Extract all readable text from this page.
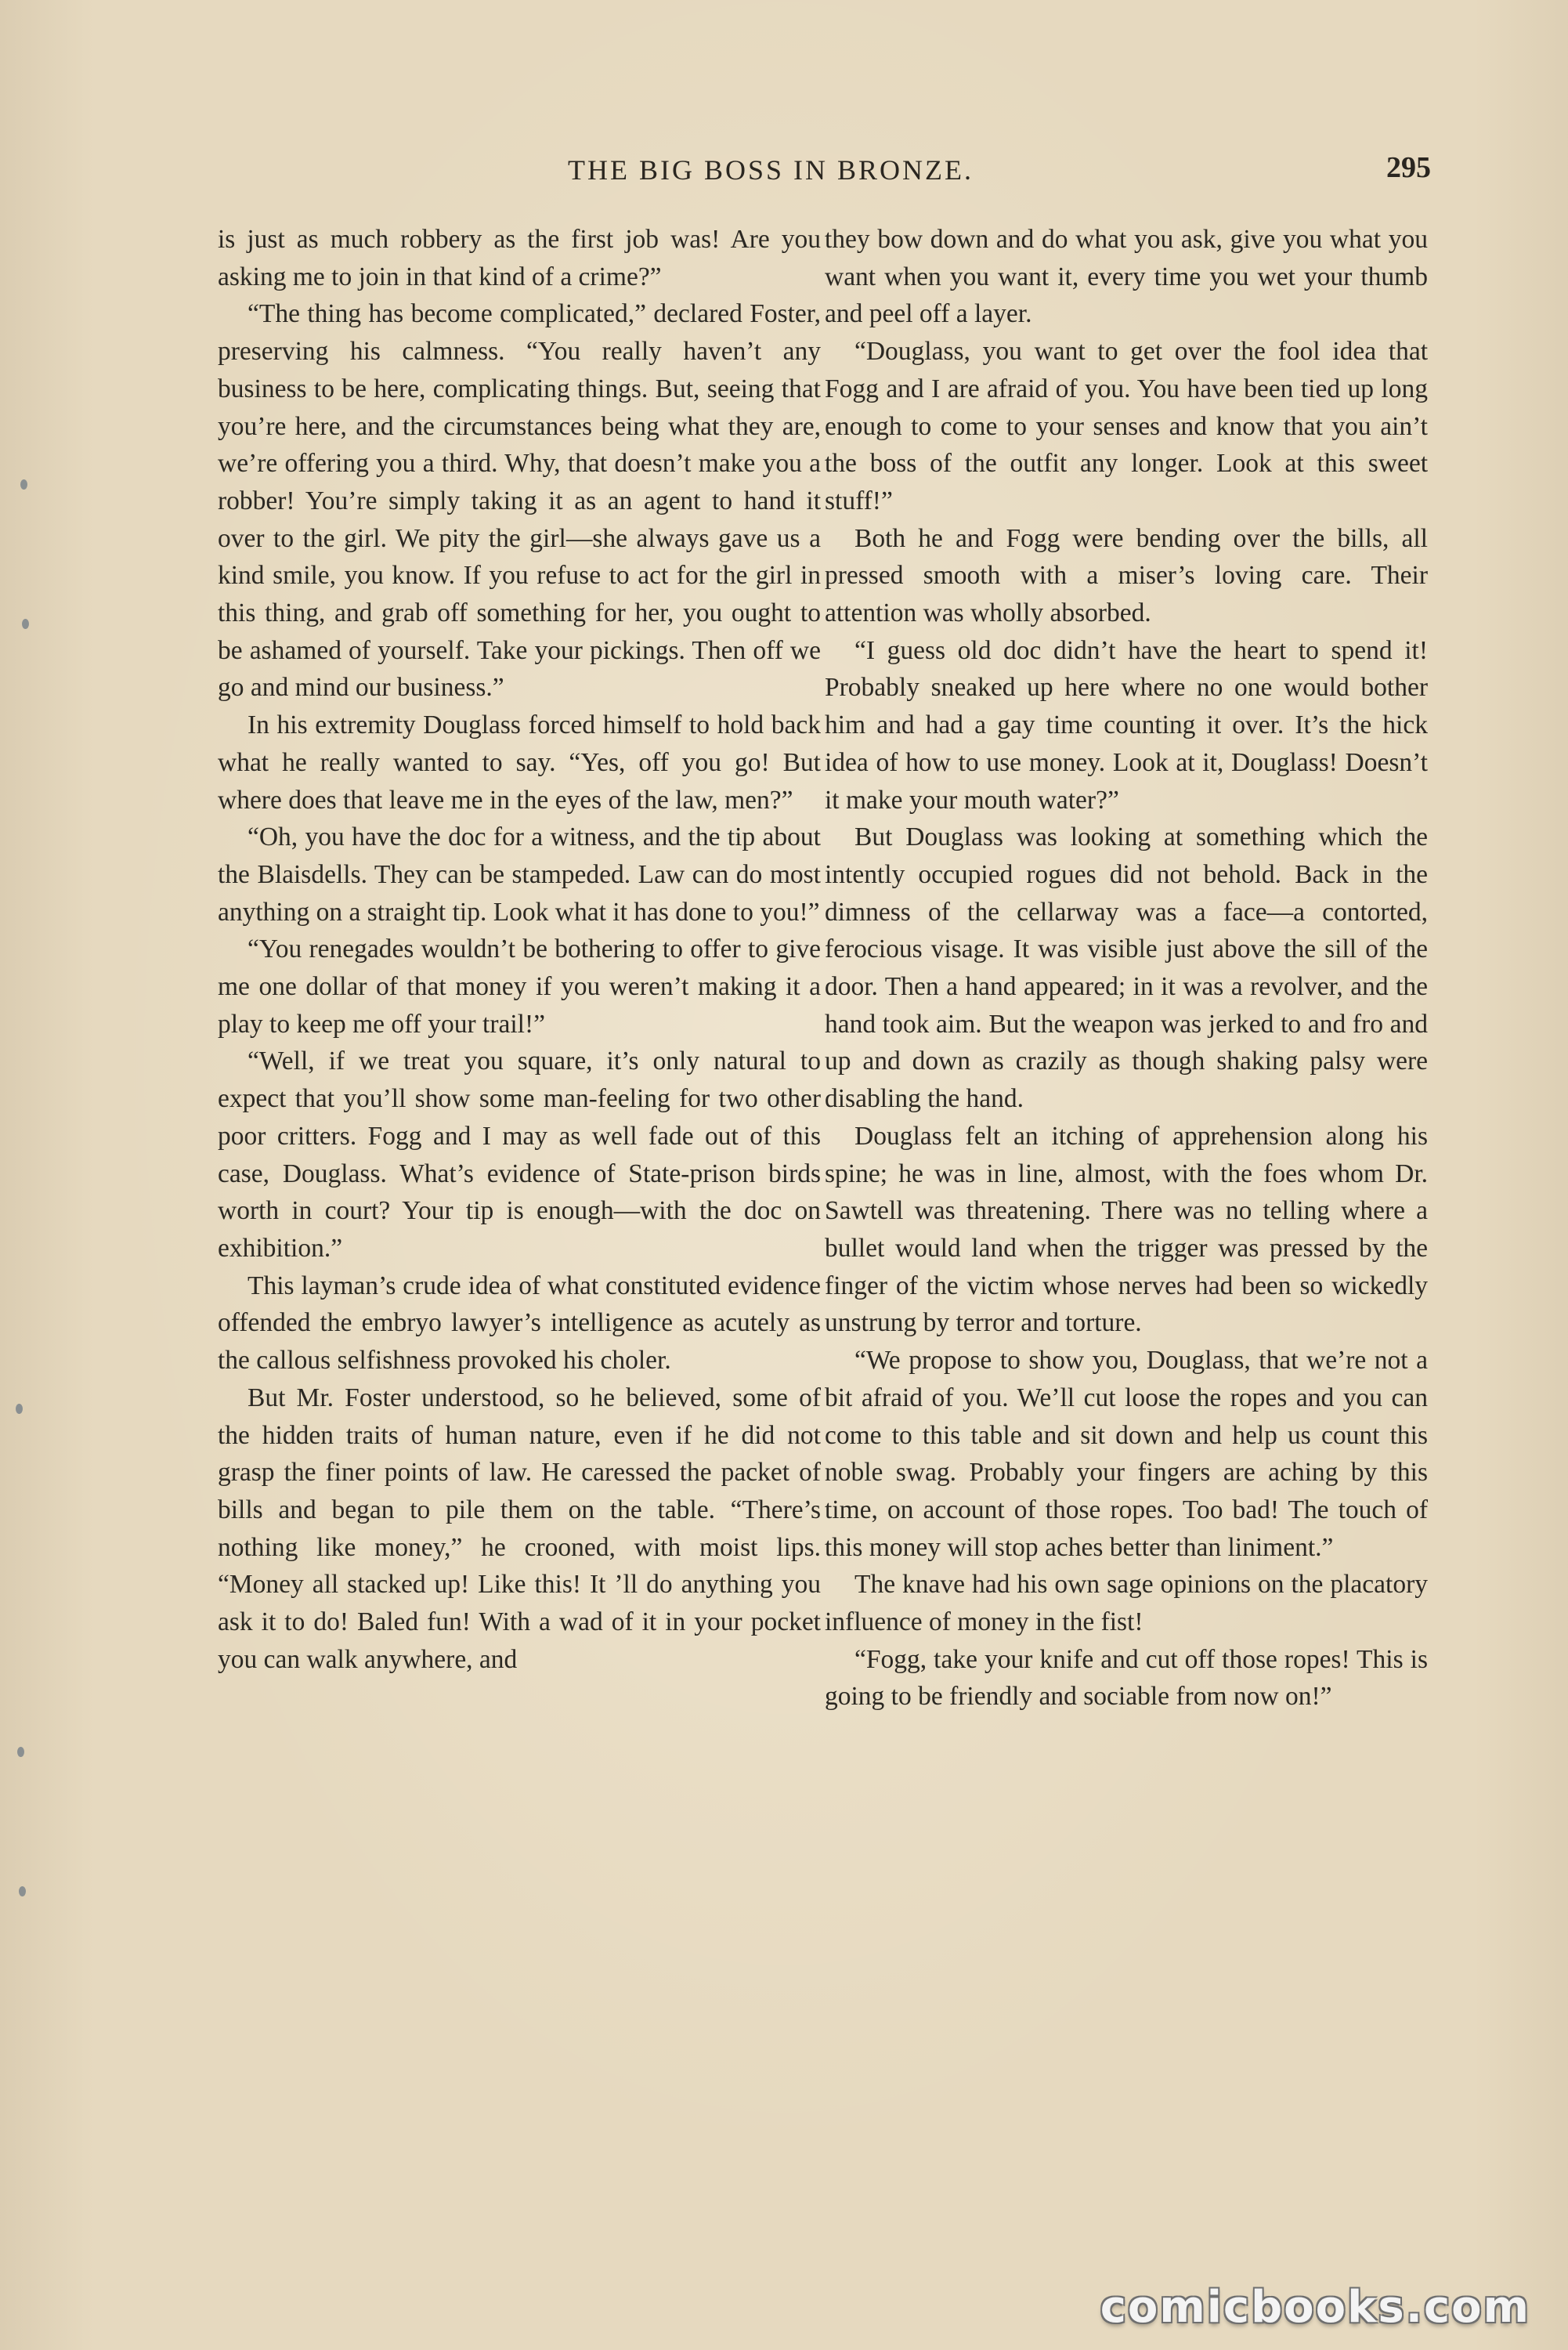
THE BIG BOSS IN BRONZE.	295

is just as much robbery as the first job was! Are you asking me to join in that kind of a crime?”

“The thing has become complicated,” declared Foster, preserving his calmness. “You really haven’t any business to be here, complicating things. But, seeing that you’re here, and the circumstances being what they are, we’re offering you a third. Why, that doesn’t make you a robber! You’re simply taking it as an agent to hand it over to the girl. We pity the girl—she always gave us a kind smile, you know. If you refuse to act for the girl in this thing, and grab off something for her, you ought to be ashamed of yourself. Take your pickings. Then off we go and mind our business.”

In his extremity Douglass forced himself to hold back what he really wanted to say. “Yes, off you go! But where does that leave me in the eyes of the law, men?”

“Oh, you have the doc for a witness, and the tip about the Blaisdells. They can be stampeded. Law can do most anything on a straight tip. Look what it has done to you!”

“You renegades wouldn’t be bothering to offer to give me one dollar of that money if you weren’t making it a play to keep me off your trail!”

“Well, if we treat you square, it’s only natural to expect that you’ll show some man-feeling for two other poor critters. Fogg and I may as well fade out of this case, Douglass. What’s evidence of State-prison birds worth in court? Your tip is enough—with the doc on exhibition.”

This layman’s crude idea of what constituted evidence offended the embryo lawyer’s intelligence as acutely as the callous selfishness provoked his choler.

But Mr. Foster understood, so he believed, some of the hidden traits of human nature, even if he did not grasp the finer points of law. He caressed the packet of bills and began to pile them on the table. “There’s nothing like money,” he crooned, with moist lips. “Money all stacked up! Like this! It ’ll do anything you ask it to do! Baled fun! With a wad of it in your pocket you can walk anywhere, and

they bow down and do what you ask, give you what you want when you want it, every time you wet your thumb and peel off a layer.

“Douglass, you want to get over the fool idea that Fogg and I are afraid of you. You have been tied up long enough to come to your senses and know that you ain’t the boss of the outfit any longer. Look at this sweet stuff!”

Both he and Fogg were bending over the bills, all pressed smooth with a miser’s loving care. Their attention was wholly absorbed.

“I guess old doc didn’t have the heart to spend it! Probably sneaked up here where no one would bother him and had a gay time counting it over. It’s the hick idea of how to use money. Look at it, Douglass! Doesn’t it make your mouth water?”

But Douglass was looking at something which the intently occupied rogues did not behold. Back in the dimness of the cellarway was a face—a contorted, ferocious visage. It was visible just above the sill of the door. Then a hand appeared; in it was a revolver, and the hand took aim. But the weapon was jerked to and fro and up and down as crazily as though shaking palsy were disabling the hand.

Douglass felt an itching of apprehension along his spine; he was in line, almost, with the foes whom Dr. Sawtell was threatening. There was no telling where a bullet would land when the trigger was pressed by the finger of the victim whose nerves had been so wickedly unstrung by terror and torture.

“We propose to show you, Douglass, that we’re not a bit afraid of you. We’ll cut loose the ropes and you can come to this table and sit down and help us count this noble swag. Probably your fingers are aching by this time, on account of those ropes. Too bad! The touch of this money will stop aches better than liniment.”

The knave had his own sage opinions on the placatory influence of money in the fist!

“Fogg, take your knife and cut off those ropes! This is going to be friendly and sociable from now on!”

comicbooks.com
